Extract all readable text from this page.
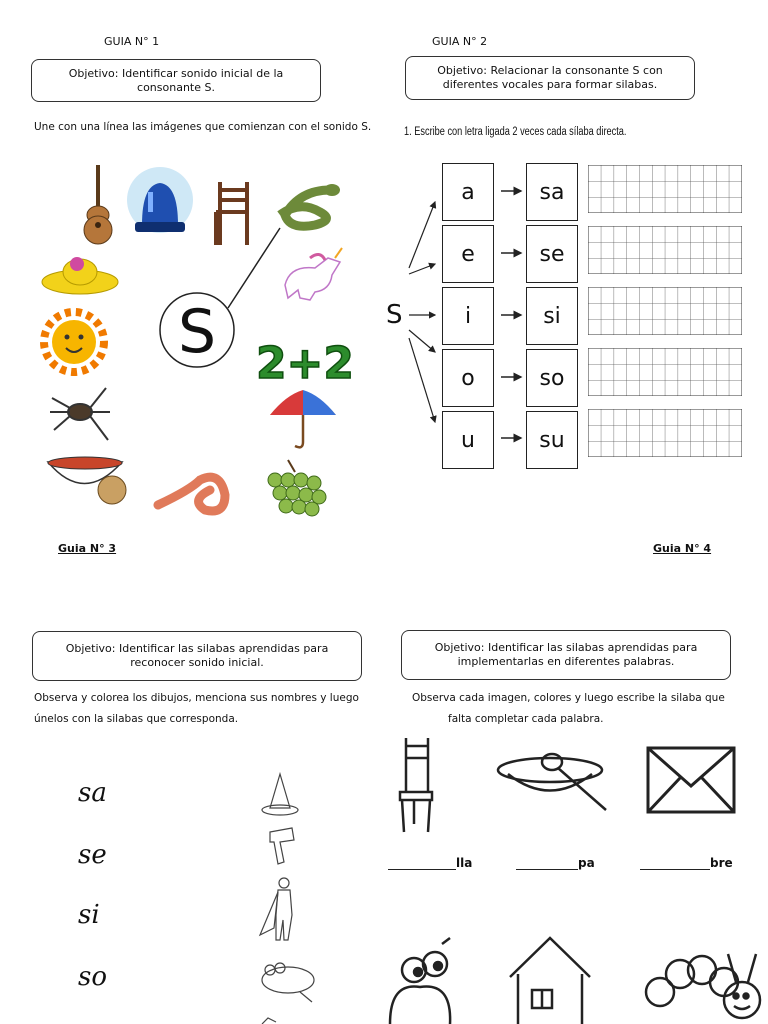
GUIA N° 1
Objetivo: Identificar sonido inicial de la consonante S.
Une con una línea las imágenes que comienzan con el sonido S.
S 2+2
GUIA N° 2
Objetivo: Relacionar la consonante S con diferentes vocales para formar silabas.
1. Escribe con letra ligada 2 veces cada sílaba directa.
S
a
e
i
o
u
sa
se
si
so
su
Guia N° 3
Objetivo: Identificar las silabas aprendidas para reconocer sonido inicial.
Observa y colorea los dibujos, menciona sus nombres y luego
únelos con la silabas que corresponda.
sa
se
si
so
Guia N° 4
Objetivo: Identificar las silabas aprendidas para implementarlas en diferentes palabras.
Observa cada imagen, colores y luego escribe la silaba que
falta completar cada palabra.
lla	pa	bre
